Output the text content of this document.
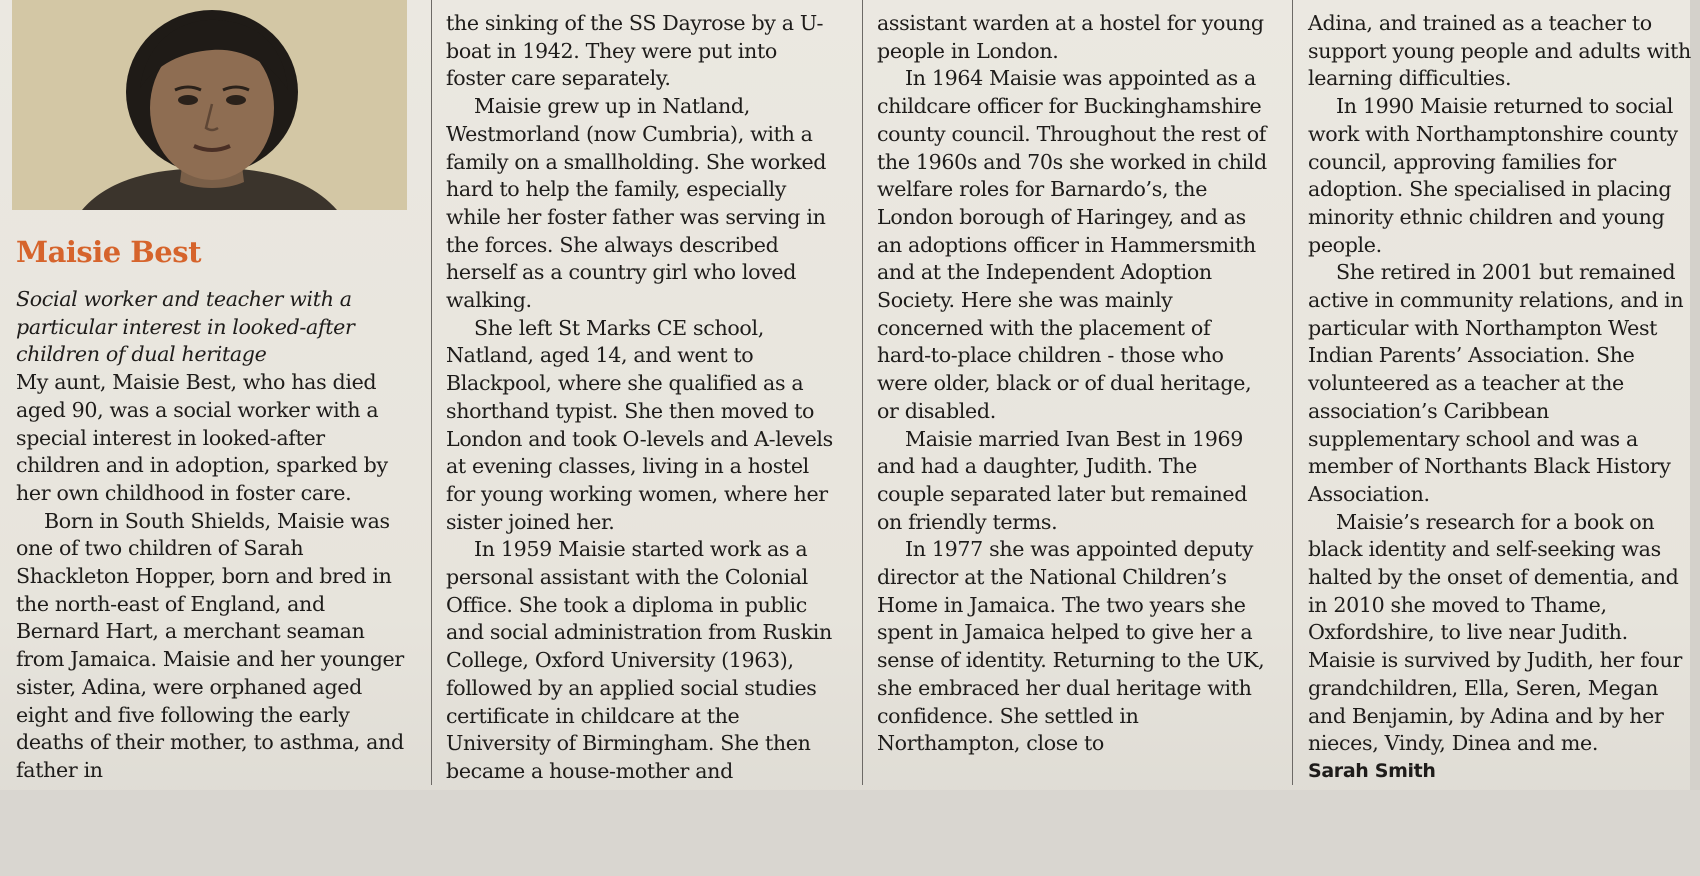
Maisie Best

Social worker and teacher with a particular interest in looked-after children of dual heritage

My aunt, Maisie Best, who has died aged 90, was a social worker with a special interest in looked-after children and in adoption, sparked by her own childhood in foster care.

Born in South Shields, Maisie was one of two children of Sarah Shackleton Hopper, born and bred in the north-east of England, and Bernard Hart, a merchant seaman from Jamaica. Maisie and her younger sister, Adina, were orphaned aged eight and five following the early deaths of their mother, to asthma, and father in

the sinking of the SS Dayrose by a U-boat in 1942. They were put into foster care separately.

Maisie grew up in Natland, Westmorland (now Cumbria), with a family on a smallholding. She worked hard to help the family, especially while her foster father was serving in the forces. She always described herself as a country girl who loved walking.

She left St Marks CE school, Natland, aged 14, and went to Blackpool, where she qualified as a shorthand typist. She then moved to London and took O-levels and A-levels at evening classes, living in a hostel for young working women, where her sister joined her.

In 1959 Maisie started work as a personal assistant with the Colonial Office. She took a diploma in public and social administration from Ruskin College, Oxford University (1963), followed by an applied social studies certificate in childcare at the University of Birmingham. She then became a house-mother and

assistant warden at a hostel for young people in London.

In 1964 Maisie was appointed as a childcare officer for Buckinghamshire county council. Throughout the rest of the 1960s and 70s she worked in child welfare roles for Barnardo’s, the London borough of Haringey, and as an adoptions officer in Hammersmith and at the Independent Adoption Society. Here she was mainly concerned with the placement of hard-to-place children - those who were older, black or of dual heritage, or disabled.

Maisie married Ivan Best in 1969 and had a daughter, Judith. The couple separated later but remained on friendly terms.

In 1977 she was appointed deputy director at the National Children’s Home in Jamaica. The two years she spent in Jamaica helped to give her a sense of identity. Returning to the UK, she embraced her dual heritage with confidence. She settled in Northampton, close to

Adina, and trained as a teacher to support young people and adults with learning difficulties.

In 1990 Maisie returned to social work with Northamptonshire county council, approving families for adoption. She specialised in placing minority ethnic children and young people.

She retired in 2001 but remained active in community relations, and in particular with Northampton West Indian Parents’ Association. She volunteered as a teacher at the association’s Caribbean supplementary school and was a member of Northants Black History Association.

Maisie’s research for a book on black identity and self-seeking was halted by the onset of dementia, and in 2010 she moved to Thame, Oxfordshire, to live near Judith. Maisie is survived by Judith, her four grandchildren, Ella, Seren, Megan and Benjamin, by Adina and by her nieces, Vindy, Dinea and me.

Sarah Smith
